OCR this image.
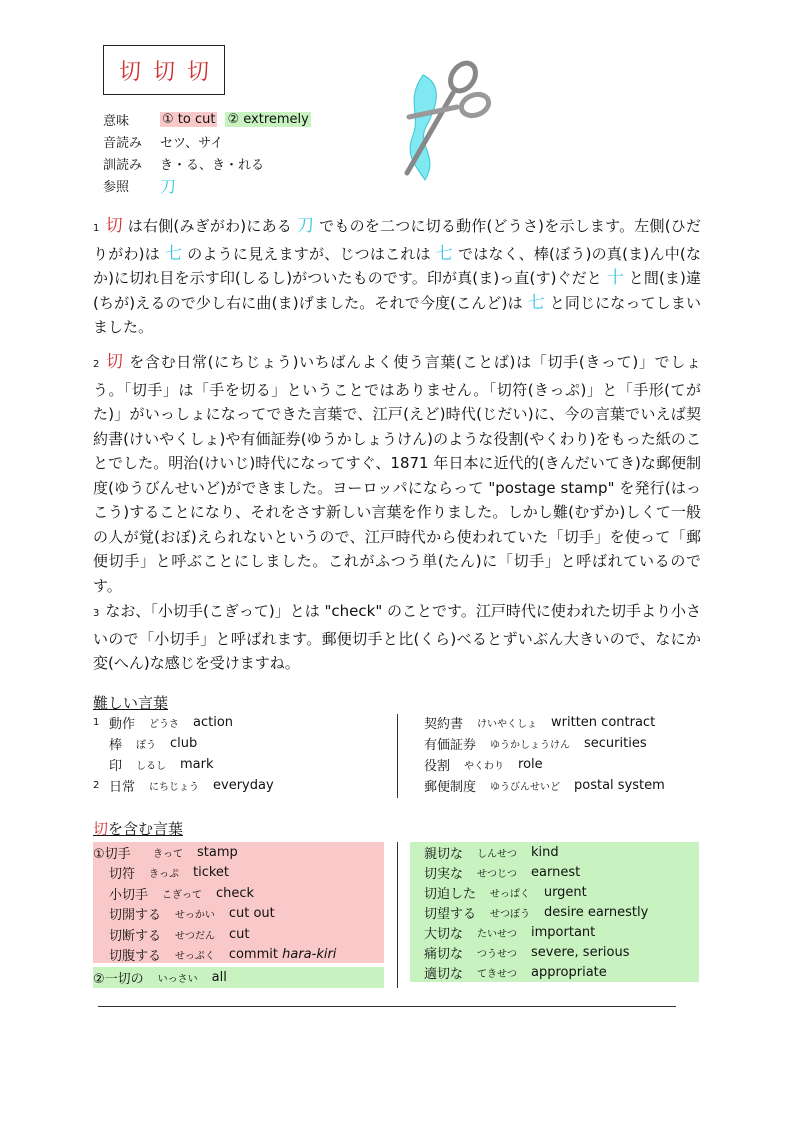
切 切 切
意味	① to cut ② extremely
音読み	セツ、サイ
訓読み	き・る、き・れる
参照	刀
1 切 は右側(みぎがわ)にある 刀 でものを二つに切る動作(どうさ)を示します。左側(ひだりがわ)は 七 のように見えますが、じつはこれは 七 ではなく、棒(ぼう)の真(ま)ん中(なか)に切れ目を示す印(しるし)がついたものです。印が真(ま)っ直(す)ぐだと 十 と間(ま)違(ちが)えるので少し右に曲(ま)げました。それで今度(こんど)は 七 と同じになってしまいました。
2 切 を含む日常(にちじょう)いちばんよく使う言葉(ことば)は「切手(きって)」でしょう。「切手」は「手を切る」ということではありません。「切符(きっぷ)」と「手形(てがた)」がいっしょになってできた言葉で、江戸(えど)時代(じだい)に、今の言葉でいえば契約書(けいやくしょ)や有価証券(ゆうかしょうけん)のような役割(やくわり)をもった紙のことでした。明治(けいじ)時代になってすぐ、1871 年日本に近代的(きんだいてき)な郵便制度(ゆうびんせいど)ができました。ヨーロッパにならって "postage stamp" を発行(はっこう)することになり、それをさす新しい言葉を作りました。しかし難(むずか)しくて一般の人が覚(おぼ)えられないというので、江戸時代から使われていた「切手」を使って「郵便切手」と呼ぶことにしました。これがふつう単(たん)に「切手」と呼ばれているのです。
3 なお、「小切手(こぎって)」とは "check" のことです。江戸時代に使われた切手より小さいので「小切手」と呼ばれます。郵便切手と比(くら)べるとずいぶん大きいので、なにか変(へん)な感じを受けますね。
難しい言葉
1 動作 どうさ action
棒 ぼう club
印 しるし mark
2 日常 にちじょう everyday
契約書 けいやくしょ written contract
有価証券 ゆうかしょうけん securities
役割 やくわり role
郵便制度 ゆうびんせいど postal system
切を含む言葉
①切手	きって stamp
切符 きっぷ ticket
小切手 こぎって check
切開する せっかい cut out
切断する せつだん cut
切腹する せっぷく commit hara-kiri
②一切の いっさい all
親切な しんせつ kind
切実な せつじつ earnest
切迫した せっぱく urgent
切望する せつぼう desire earnestly
大切な たいせつ important
痛切な つうせつ severe, serious
適切な てきせつ appropriate
